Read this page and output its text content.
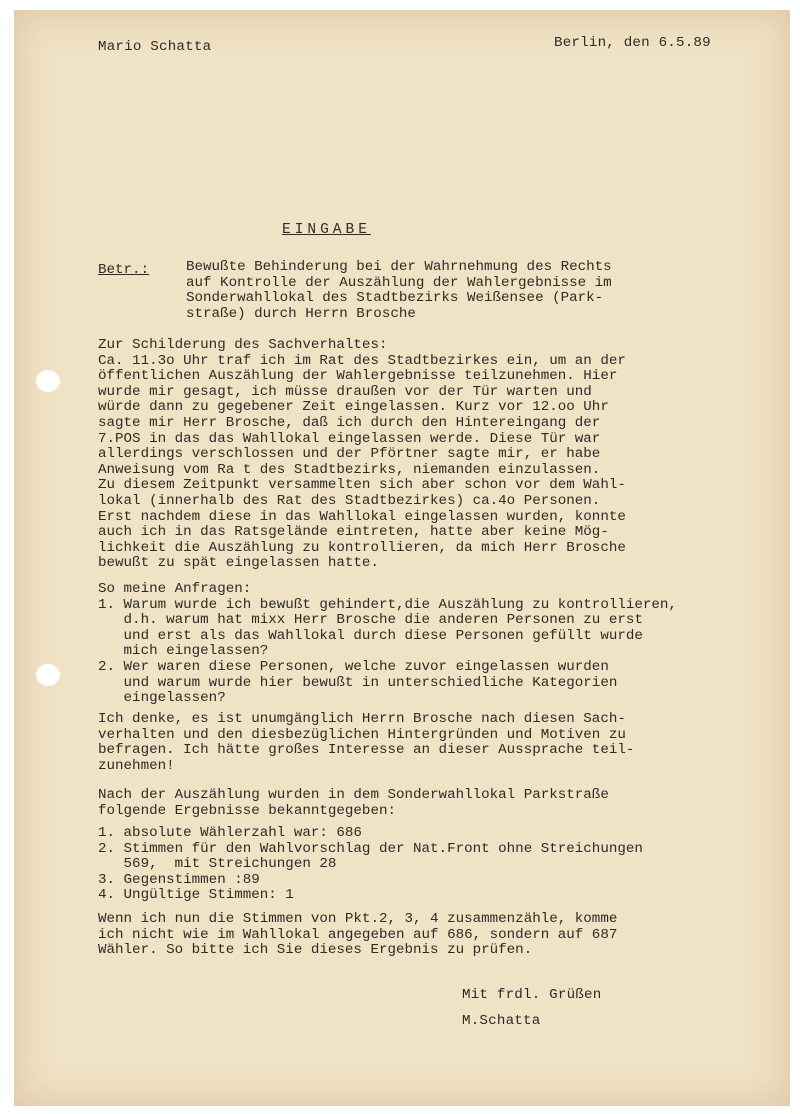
Mario Schatta	Berlin, den 6.5.89
EINGABE
Betr.:	Bewußte Behinderung bei der Wahrnehmung des Rechts
auf Kontrolle der Auszählung der Wahlergebnisse im
Sonderwahllokal des Stadtbezirks Weißensee (Park-
straße) durch Herrn Brosche
Zur Schilderung des Sachverhaltes:
Ca. 11.3o Uhr traf ich im Rat des Stadtbezirkes ein, um an der
öffentlichen Auszählung der Wahlergebnisse teilzunehmen. Hier
wurde mir gesagt, ich müsse draußen vor der Tür warten und
würde dann zu gegebener Zeit eingelassen. Kurz vor 12.oo Uhr
sagte mir Herr Brosche, daß ich durch den Hintereingang der
7.POS in das das Wahllokal eingelassen werde. Diese Tür war
allerdings verschlossen und der Pförtner sagte mir, er habe
Anweisung vom Ra t des Stadtbezirks, niemanden einzulassen.
Zu diesem Zeitpunkt versammelten sich aber schon vor dem Wahl-
lokal (innerhalb des Rat des Stadtbezirkes) ca.4o Personen.
Erst nachdem diese in das Wahllokal eingelassen wurden, konnte
auch ich in das Ratsgelände eintreten, hatte aber keine Mög-
lichkeit die Auszählung zu kontrollieren, da mich Herr Brosche
bewußt zu spät eingelassen hatte.
So meine Anfragen:
1. Warum wurde ich bewußt gehindert,die Auszählung zu kontrollieren,
d.h. warum hat mixx Herr Brosche die anderen Personen zu erst
und erst als das Wahllokal durch diese Personen gefüllt wurde
mich eingelassen?
2. Wer waren diese Personen, welche zuvor eingelassen wurden
und warum wurde hier bewußt in unterschiedliche Kategorien
eingelassen?
Ich denke, es ist unumgänglich Herrn Brosche nach diesen Sach-
verhalten und den diesbezüglichen Hintergründen und Motiven zu
befragen. Ich hätte großes Interesse an dieser Aussprache teil-
zunehmen!
Nach der Auszählung wurden in dem Sonderwahllokal Parkstraße
folgende Ergebnisse bekanntgegeben:
1. absolute Wählerzahl war: 686
2. Stimmen für den Wahlvorschlag der Nat.Front ohne Streichungen
569,  mit Streichungen 28
3. Gegenstimmen :89
4. Ungültige Stimmen: 1
Wenn ich nun die Stimmen von Pkt.2, 3, 4 zusammenzähle, komme
ich nicht wie im Wahllokal angegeben auf 686, sondern auf 687
Wähler. So bitte ich Sie dieses Ergebnis zu prüfen.
Mit frdl. Grüßen
M.Schatta
